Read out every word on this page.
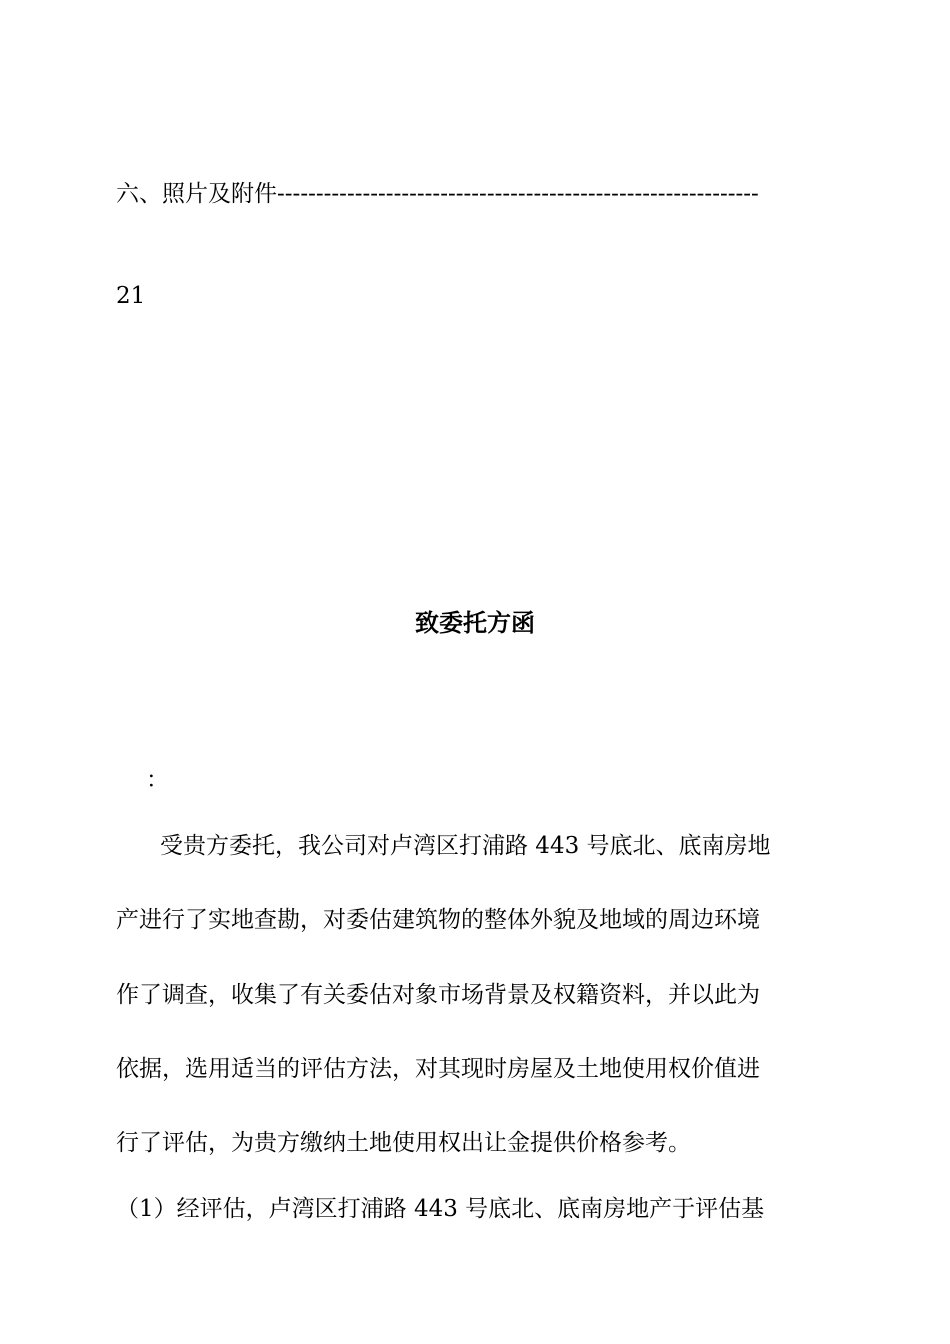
六、照片及附件--------------------------------------------------------------
21
致委托方函
：
受贵方委托，我公司对卢湾区打浦路 443 号底北、底南房地
产进行了实地查勘，对委估建筑物的整体外貌及地域的周边环境
作了调查，收集了有关委估对象市场背景及权籍资料，并以此为
依据，选用适当的评估方法，对其现时房屋及土地使用权价值进
行了评估，为贵方缴纳土地使用权出让金提供价格参考。
（1）经评估，卢湾区打浦路 443 号底北、底南房地产于评估基
